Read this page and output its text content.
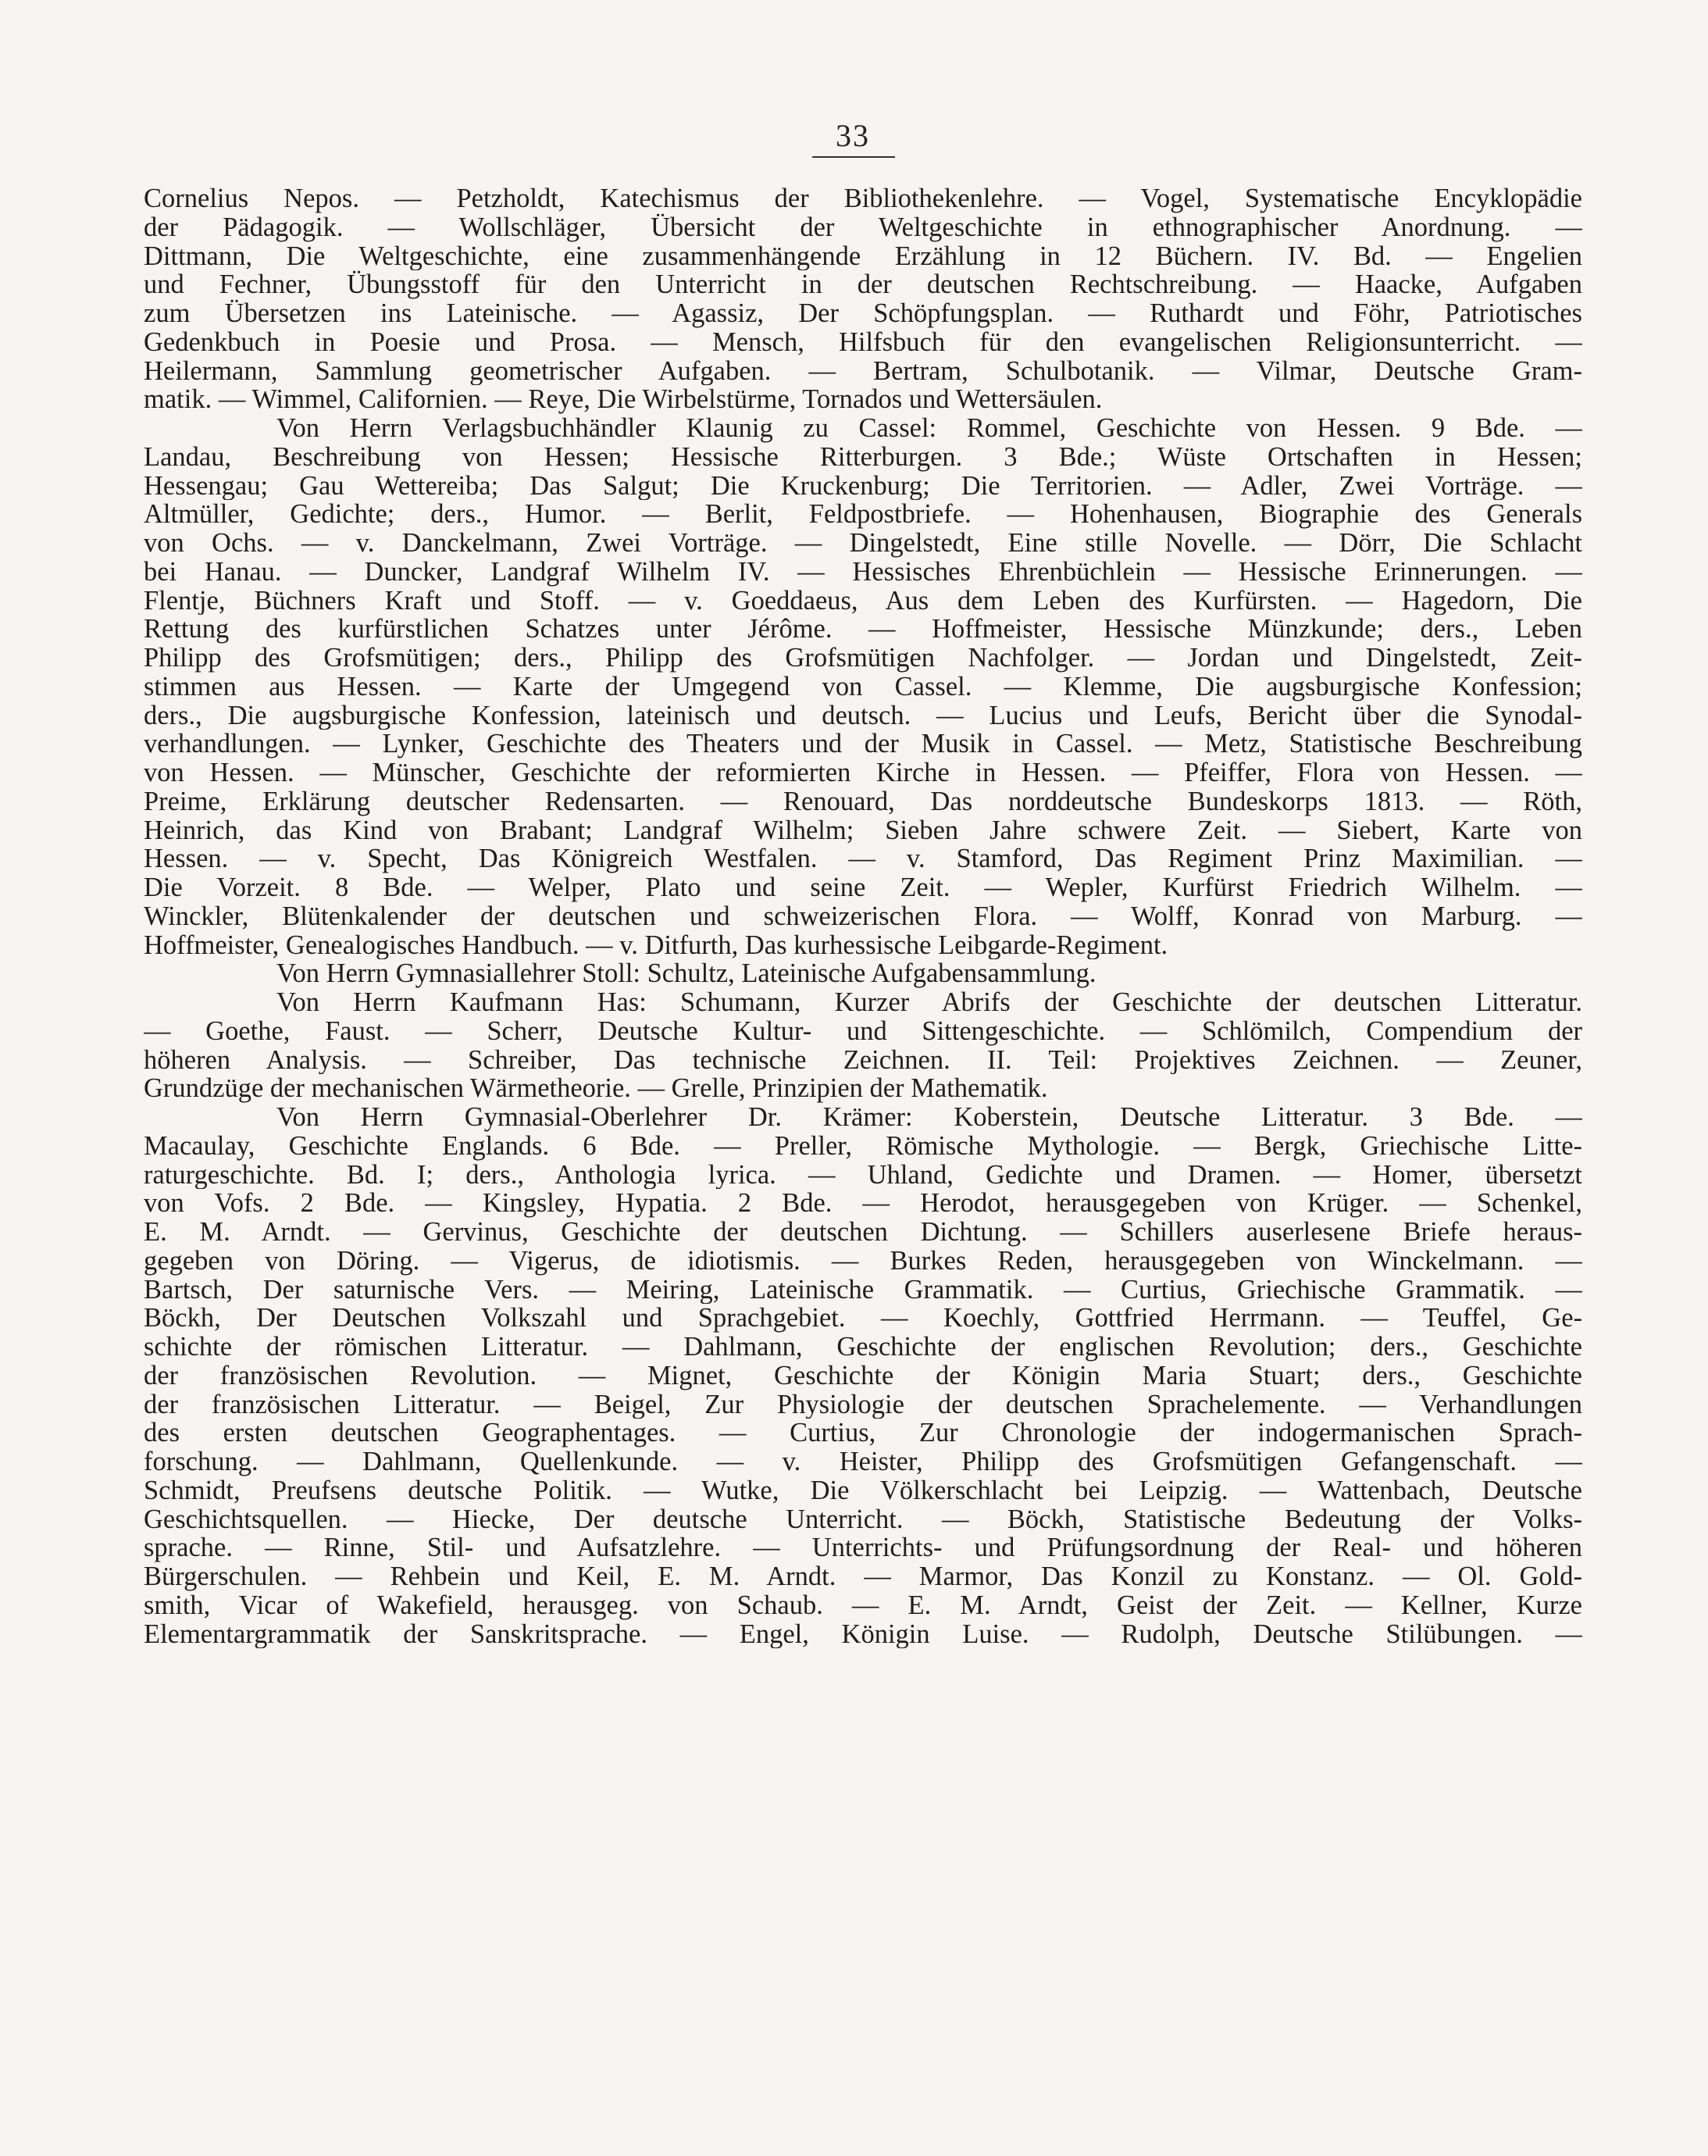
33
Cornelius Nepos. — Petzholdt, Katechismus der Bibliothekenlehre. — Vogel, Systematische Encyklopädie
der Pädagogik. — Wollschläger, Übersicht der Weltgeschichte in ethnographischer Anordnung. —
Dittmann, Die Weltgeschichte, eine zusammenhängende Erzählung in 12 Büchern. IV. Bd. — Engelien
und Fechner, Übungsstoff für den Unterricht in der deutschen Rechtschreibung. — Haacke, Aufgaben
zum Übersetzen ins Lateinische. — Agassiz, Der Schöpfungsplan. — Ruthardt und Föhr, Patriotisches
Gedenkbuch in Poesie und Prosa. — Mensch, Hilfsbuch für den evangelischen Religionsunterricht. —
Heilermann, Sammlung geometrischer Aufgaben. — Bertram, Schulbotanik. — Vilmar, Deutsche Gram-
matik. — Wimmel, Californien. — Reye, Die Wirbelstürme, Tornados und Wettersäulen.
Von Herrn Verlagsbuchhändler Klaunig zu Cassel: Rommel, Geschichte von Hessen. 9 Bde. —
Landau, Beschreibung von Hessen; Hessische Ritterburgen. 3 Bde.; Wüste Ortschaften in Hessen;
Hessengau; Gau Wettereiba; Das Salgut; Die Kruckenburg; Die Territorien. — Adler, Zwei Vorträge. —
Altmüller, Gedichte; ders., Humor. — Berlit, Feldpostbriefe. — Hohenhausen, Biographie des Generals
von Ochs. — v. Danckelmann, Zwei Vorträge. — Dingelstedt, Eine stille Novelle. — Dörr, Die Schlacht
bei Hanau. — Duncker, Landgraf Wilhelm IV. — Hessisches Ehrenbüchlein — Hessische Erinnerungen. —
Flentje, Büchners Kraft und Stoff. — v. Goeddaeus, Aus dem Leben des Kurfürsten. — Hagedorn, Die
Rettung des kurfürstlichen Schatzes unter Jérôme. — Hoffmeister, Hessische Münzkunde; ders., Leben
Philipp des Grofsmütigen; ders., Philipp des Grofsmütigen Nachfolger. — Jordan und Dingelstedt, Zeit-
stimmen aus Hessen. — Karte der Umgegend von Cassel. — Klemme, Die augsburgische Konfession;
ders., Die augsburgische Konfession, lateinisch und deutsch. — Lucius und Leufs, Bericht über die Synodal-
verhandlungen. — Lynker, Geschichte des Theaters und der Musik in Cassel. — Metz, Statistische Beschreibung
von Hessen. — Münscher, Geschichte der reformierten Kirche in Hessen. — Pfeiffer, Flora von Hessen. —
Preime, Erklärung deutscher Redensarten. — Renouard, Das norddeutsche Bundeskorps 1813. — Röth,
Heinrich, das Kind von Brabant; Landgraf Wilhelm; Sieben Jahre schwere Zeit. — Siebert, Karte von
Hessen. — v. Specht, Das Königreich Westfalen. — v. Stamford, Das Regiment Prinz Maximilian. —
Die Vorzeit. 8 Bde. — Welper, Plato und seine Zeit. — Wepler, Kurfürst Friedrich Wilhelm. —
Winckler, Blütenkalender der deutschen und schweizerischen Flora. — Wolff, Konrad von Marburg. —
Hoffmeister, Genealogisches Handbuch. — v. Ditfurth, Das kurhessische Leibgarde-Regiment.
Von Herrn Gymnasiallehrer Stoll: Schultz, Lateinische Aufgabensammlung.
Von Herrn Kaufmann Has: Schumann, Kurzer Abrifs der Geschichte der deutschen Litteratur.
— Goethe, Faust. — Scherr, Deutsche Kultur- und Sittengeschichte. — Schlömilch, Compendium der
höheren Analysis. — Schreiber, Das technische Zeichnen. II. Teil: Projektives Zeichnen. — Zeuner,
Grundzüge der mechanischen Wärmetheorie. — Grelle, Prinzipien der Mathematik.
Von Herrn Gymnasial-Oberlehrer Dr. Krämer: Koberstein, Deutsche Litteratur. 3 Bde. —
Macaulay, Geschichte Englands. 6 Bde. — Preller, Römische Mythologie. — Bergk, Griechische Litte-
raturgeschichte. Bd. I; ders., Anthologia lyrica. — Uhland, Gedichte und Dramen. — Homer, übersetzt
von Vofs. 2 Bde. — Kingsley, Hypatia. 2 Bde. — Herodot, herausgegeben von Krüger. — Schenkel,
E. M. Arndt. — Gervinus, Geschichte der deutschen Dichtung. — Schillers auserlesene Briefe heraus-
gegeben von Döring. — Vigerus, de idiotismis. — Burkes Reden, herausgegeben von Winckelmann. —
Bartsch, Der saturnische Vers. — Meiring, Lateinische Grammatik. — Curtius, Griechische Grammatik. —
Böckh, Der Deutschen Volkszahl und Sprachgebiet. — Koechly, Gottfried Herrmann. — Teuffel, Ge-
schichte der römischen Litteratur. — Dahlmann, Geschichte der englischen Revolution; ders., Geschichte
der französischen Revolution. — Mignet, Geschichte der Königin Maria Stuart; ders., Geschichte
der französischen Litteratur. — Beigel, Zur Physiologie der deutschen Sprachelemente. — Verhandlungen
des ersten deutschen Geographentages. — Curtius, Zur Chronologie der indogermanischen Sprach-
forschung. — Dahlmann, Quellenkunde. — v. Heister, Philipp des Grofsmütigen Gefangenschaft. —
Schmidt, Preufsens deutsche Politik. — Wutke, Die Völkerschlacht bei Leipzig. — Wattenbach, Deutsche
Geschichtsquellen. — Hiecke, Der deutsche Unterricht. — Böckh, Statistische Bedeutung der Volks-
sprache. — Rinne, Stil- und Aufsatzlehre. — Unterrichts- und Prüfungsordnung der Real- und höheren
Bürgerschulen. — Rehbein und Keil, E. M. Arndt. — Marmor, Das Konzil zu Konstanz. — Ol. Gold-
smith, Vicar of Wakefield, herausgeg. von Schaub. — E. M. Arndt, Geist der Zeit. — Kellner, Kurze
Elementargrammatik der Sanskritsprache. — Engel, Königin Luise. — Rudolph, Deutsche Stilübungen. —
